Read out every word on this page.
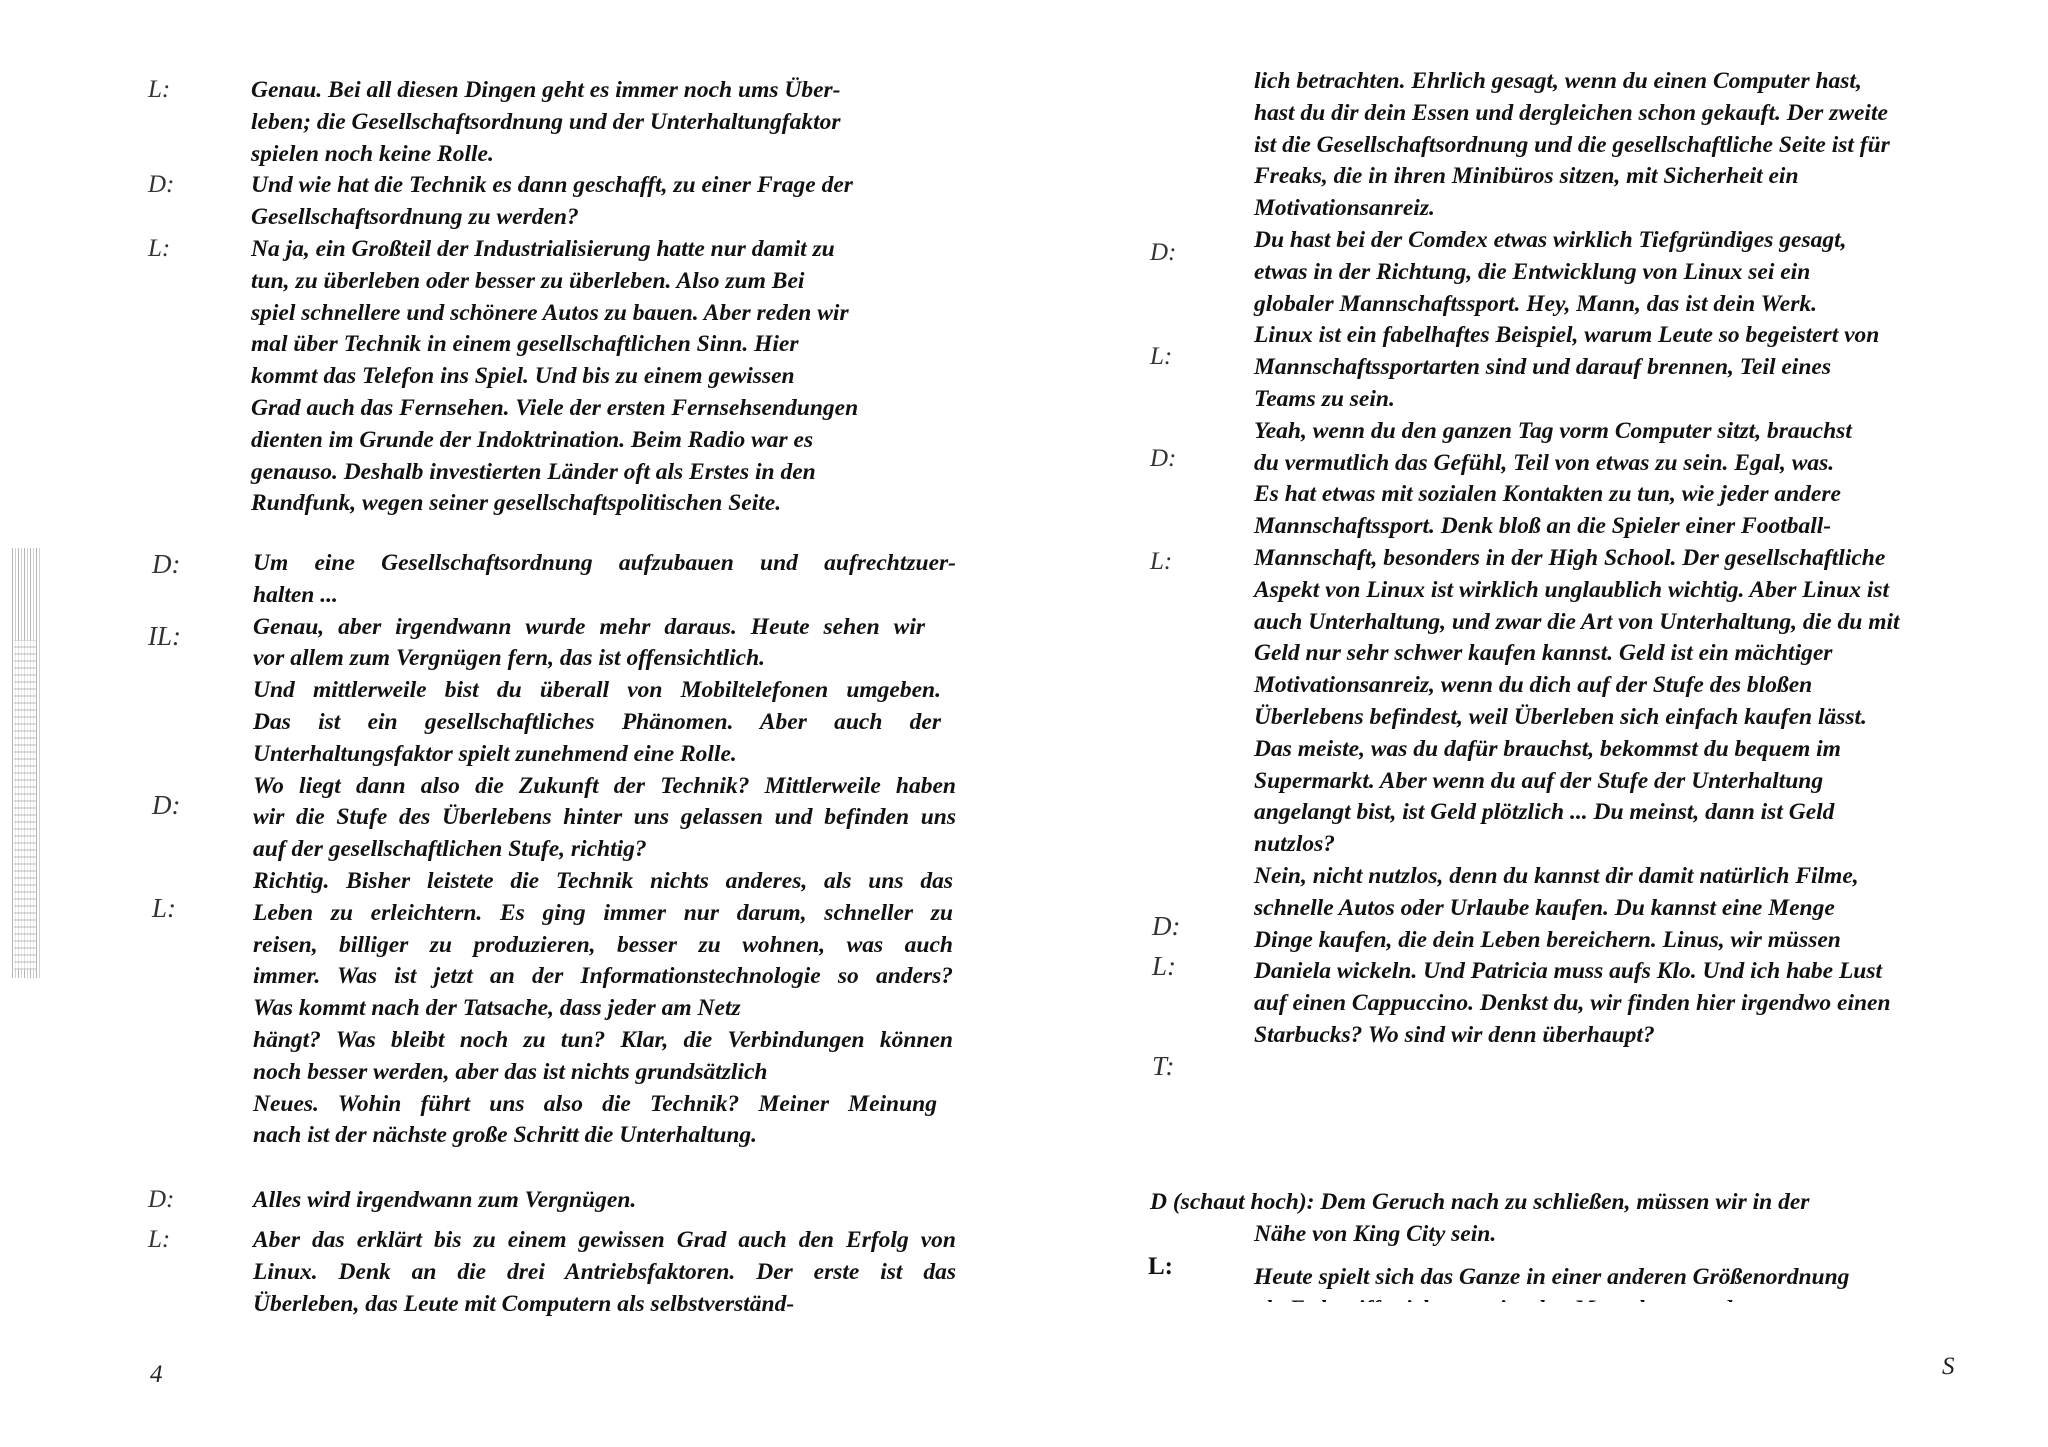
L:
D:
L:
D:
IL:
D:
L:
D:
L:
Genau. Bei all diesen Dingen geht es immer noch ums Über-
leben; die Gesellschaftsordnung und der Unterhaltungfaktor
spielen noch keine Rolle.
Und wie hat die Technik es dann geschafft, zu einer Frage der
Gesellschaftsordnung zu werden?
Na ja, ein Großteil der Industrialisierung hatte nur damit zu
tun, zu überleben oder besser zu überleben. Also zum Bei
spiel schnellere und schönere Autos zu bauen. Aber reden wir
mal über Technik in einem gesellschaftlichen Sinn. Hier
kommt das Telefon ins Spiel. Und bis zu einem gewissen
Grad auch das Fernsehen. Viele der ersten Fernsehsendungen
dienten im Grunde der Indoktrination. Beim Radio war es
genauso. Deshalb investierten Länder oft als Erstes in den
Rundfunk, wegen seiner gesellschaftspolitischen Seite.
Um eine Gesellschaftsordnung aufzubauen und aufrechtzuer-
halten ...
Genau, aber irgendwann wurde mehr daraus. Heute sehen wir
vor allem zum Vergnügen fern, das ist offensichtlich.
Und mittlerweile bist du überall von Mobiltelefonen umgeben.
Das ist ein gesellschaftliches Phänomen. Aber auch der
Unterhaltungsfaktor spielt zunehmend eine Rolle.
Wo liegt dann also die Zukunft der Technik? Mittlerweile haben
wir die Stufe des Überlebens hinter uns gelassen und befinden uns
auf der gesellschaftlichen Stufe, richtig?
Richtig. Bisher leistete die Technik nichts anderes, als uns das
Leben zu erleichtern. Es ging immer nur darum, schneller zu
reisen, billiger zu produzieren, besser zu wohnen, was auch
immer. Was ist jetzt an der Informationstechnologie so anders?
Was kommt nach der Tatsache, dass jeder am Netz
hängt? Was bleibt noch zu tun? Klar, die Verbindungen können
noch besser werden, aber das ist nichts grundsätzlich
Neues. Wohin führt uns also die Technik? Meiner Meinung
nach ist der nächste große Schritt die Unterhaltung.
Alles wird irgendwann zum Vergnügen.
Aber das erklärt bis zu einem gewissen Grad auch den Erfolg von
Linux. Denk an die drei Antriebsfaktoren. Der erste ist das
Überleben, das Leute mit Computern als selbstverständ-
4
D:
L:
D:
L:
D:
L:
T:
L:
lich betrachten. Ehrlich gesagt, wenn du einen Computer hast,
hast du dir dein Essen und dergleichen schon gekauft. Der zweite
ist die Gesellschaftsordnung und die gesellschaftliche Seite ist für
Freaks, die in ihren Minibüros sitzen, mit Sicherheit ein
Motivationsanreiz.
Du hast bei der Comdex etwas wirklich Tiefgründiges gesagt,
etwas in der Richtung, die Entwicklung von Linux sei ein
globaler Mannschaftssport. Hey, Mann, das ist dein Werk.
Linux ist ein fabelhaftes Beispiel, warum Leute so begeistert von
Mannschaftssportarten sind und darauf brennen, Teil eines
Teams zu sein.
Yeah, wenn du den ganzen Tag vorm Computer sitzt, brauchst
du vermutlich das Gefühl, Teil von etwas zu sein. Egal, was.
Es hat etwas mit sozialen Kontakten zu tun, wie jeder andere
Mannschaftssport. Denk bloß an die Spieler einer Football-
Mannschaft, besonders in der High School. Der gesellschaftliche
Aspekt von Linux ist wirklich unglaublich wichtig. Aber Linux ist
auch Unterhaltung, und zwar die Art von Unterhaltung, die du mit
Geld nur sehr schwer kaufen kannst. Geld ist ein mächtiger
Motivationsanreiz, wenn du dich auf der Stufe des bloßen
Überlebens befindest, weil Überleben sich einfach kaufen lässt.
Das meiste, was du dafür brauchst, bekommst du bequem im
Supermarkt. Aber wenn du auf der Stufe der Unterhaltung
angelangt bist, ist Geld plötzlich ... Du meinst, dann ist Geld
nutzlos?
Nein, nicht nutzlos, denn du kannst dir damit natürlich Filme,
schnelle Autos oder Urlaube kaufen. Du kannst eine Menge
Dinge kaufen, die dein Leben bereichern. Linus, wir müssen
Daniela wickeln. Und Patricia muss aufs Klo. Und ich habe Lust
auf einen Cappuccino. Denkst du, wir finden hier irgendwo einen
Starbucks? Wo sind wir denn überhaupt?
D (schaut hoch): Dem Geruch nach zu schließen, müssen wir in der
Nähe von King City sein.
Heute spielt sich das Ganze in einer anderen Größenordnung
S
